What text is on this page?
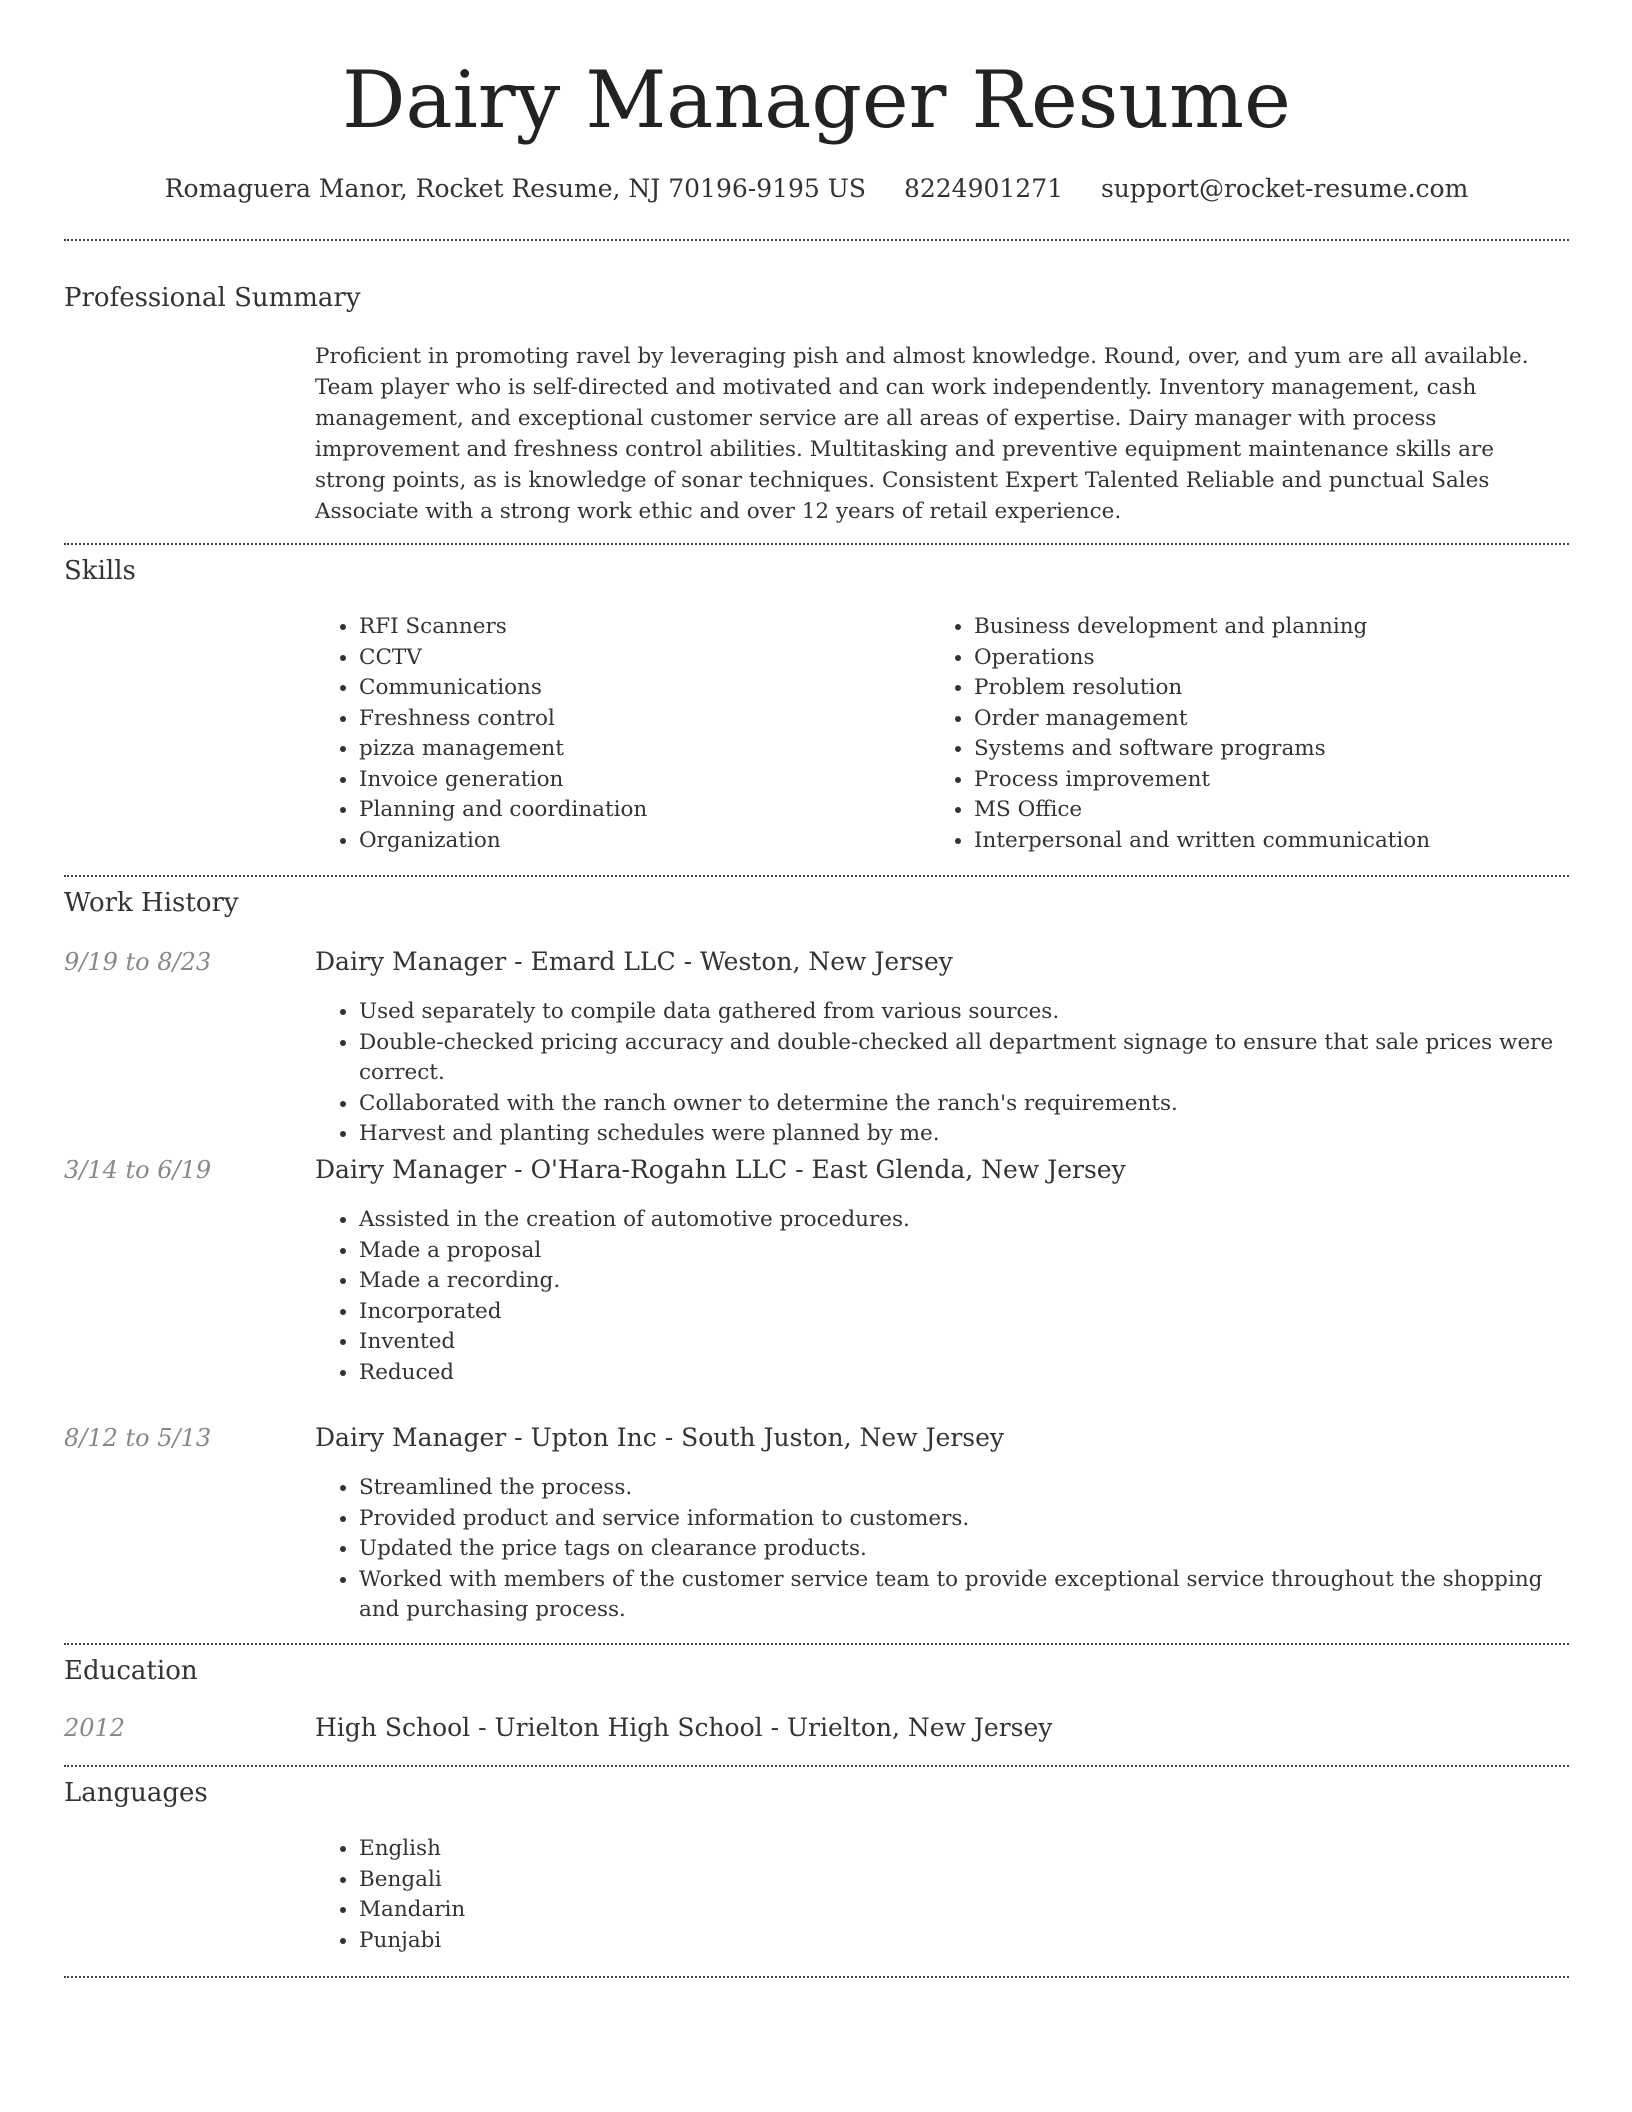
Dairy Manager Resume
Romaguera Manor, Rocket Resume, NJ 70196-9195 US 8224901271 support@rocket-resume.com
Professional Summary

Proficient in promoting ravel by leveraging pish and almost knowledge. Round, over, and yum are all available. Team player who is self-directed and motivated and can work independently. Inventory management, cash management, and exceptional customer service are all areas of expertise. Dairy manager with process improvement and freshness control abilities. Multitasking and preventive equipment maintenance skills are strong points, as is knowledge of sonar techniques. Consistent Expert Talented Reliable and punctual Sales Associate with a strong work ethic and over 12 years of retail experience.

Skills
• RFI Scanners
• CCTV
• Communications
• Freshness control
• pizza management
• Invoice generation
• Planning and coordination
• Organization
• Business development and planning
• Operations
• Problem resolution
• Order management
• Systems and software programs
• Process improvement
• MS Office
• Interpersonal and written communication
Work History
9/19 to 8/23	Dairy Manager - Emard LLC - Weston, New Jersey
• Used separately to compile data gathered from various sources.
• Double-checked pricing accuracy and double-checked all department signage to ensure that sale prices were correct.
• Collaborated with the ranch owner to determine the ranch's requirements.
• Harvest and planting schedules were planned by me.
3/14 to 6/19	Dairy Manager - O'Hara-Rogahn LLC - East Glenda, New Jersey
• Assisted in the creation of automotive procedures.
• Made a proposal
• Made a recording.
• Incorporated
• Invented
• Reduced
8/12 to 5/13	Dairy Manager - Upton Inc - South Juston, New Jersey
• Streamlined the process.
• Provided product and service information to customers.
• Updated the price tags on clearance products.
• Worked with members of the customer service team to provide exceptional service throughout the shopping and purchasing process.
Education
2012	High School - Urielton High School - Urielton, New Jersey
Languages
• English
• Bengali
• Mandarin
• Punjabi
